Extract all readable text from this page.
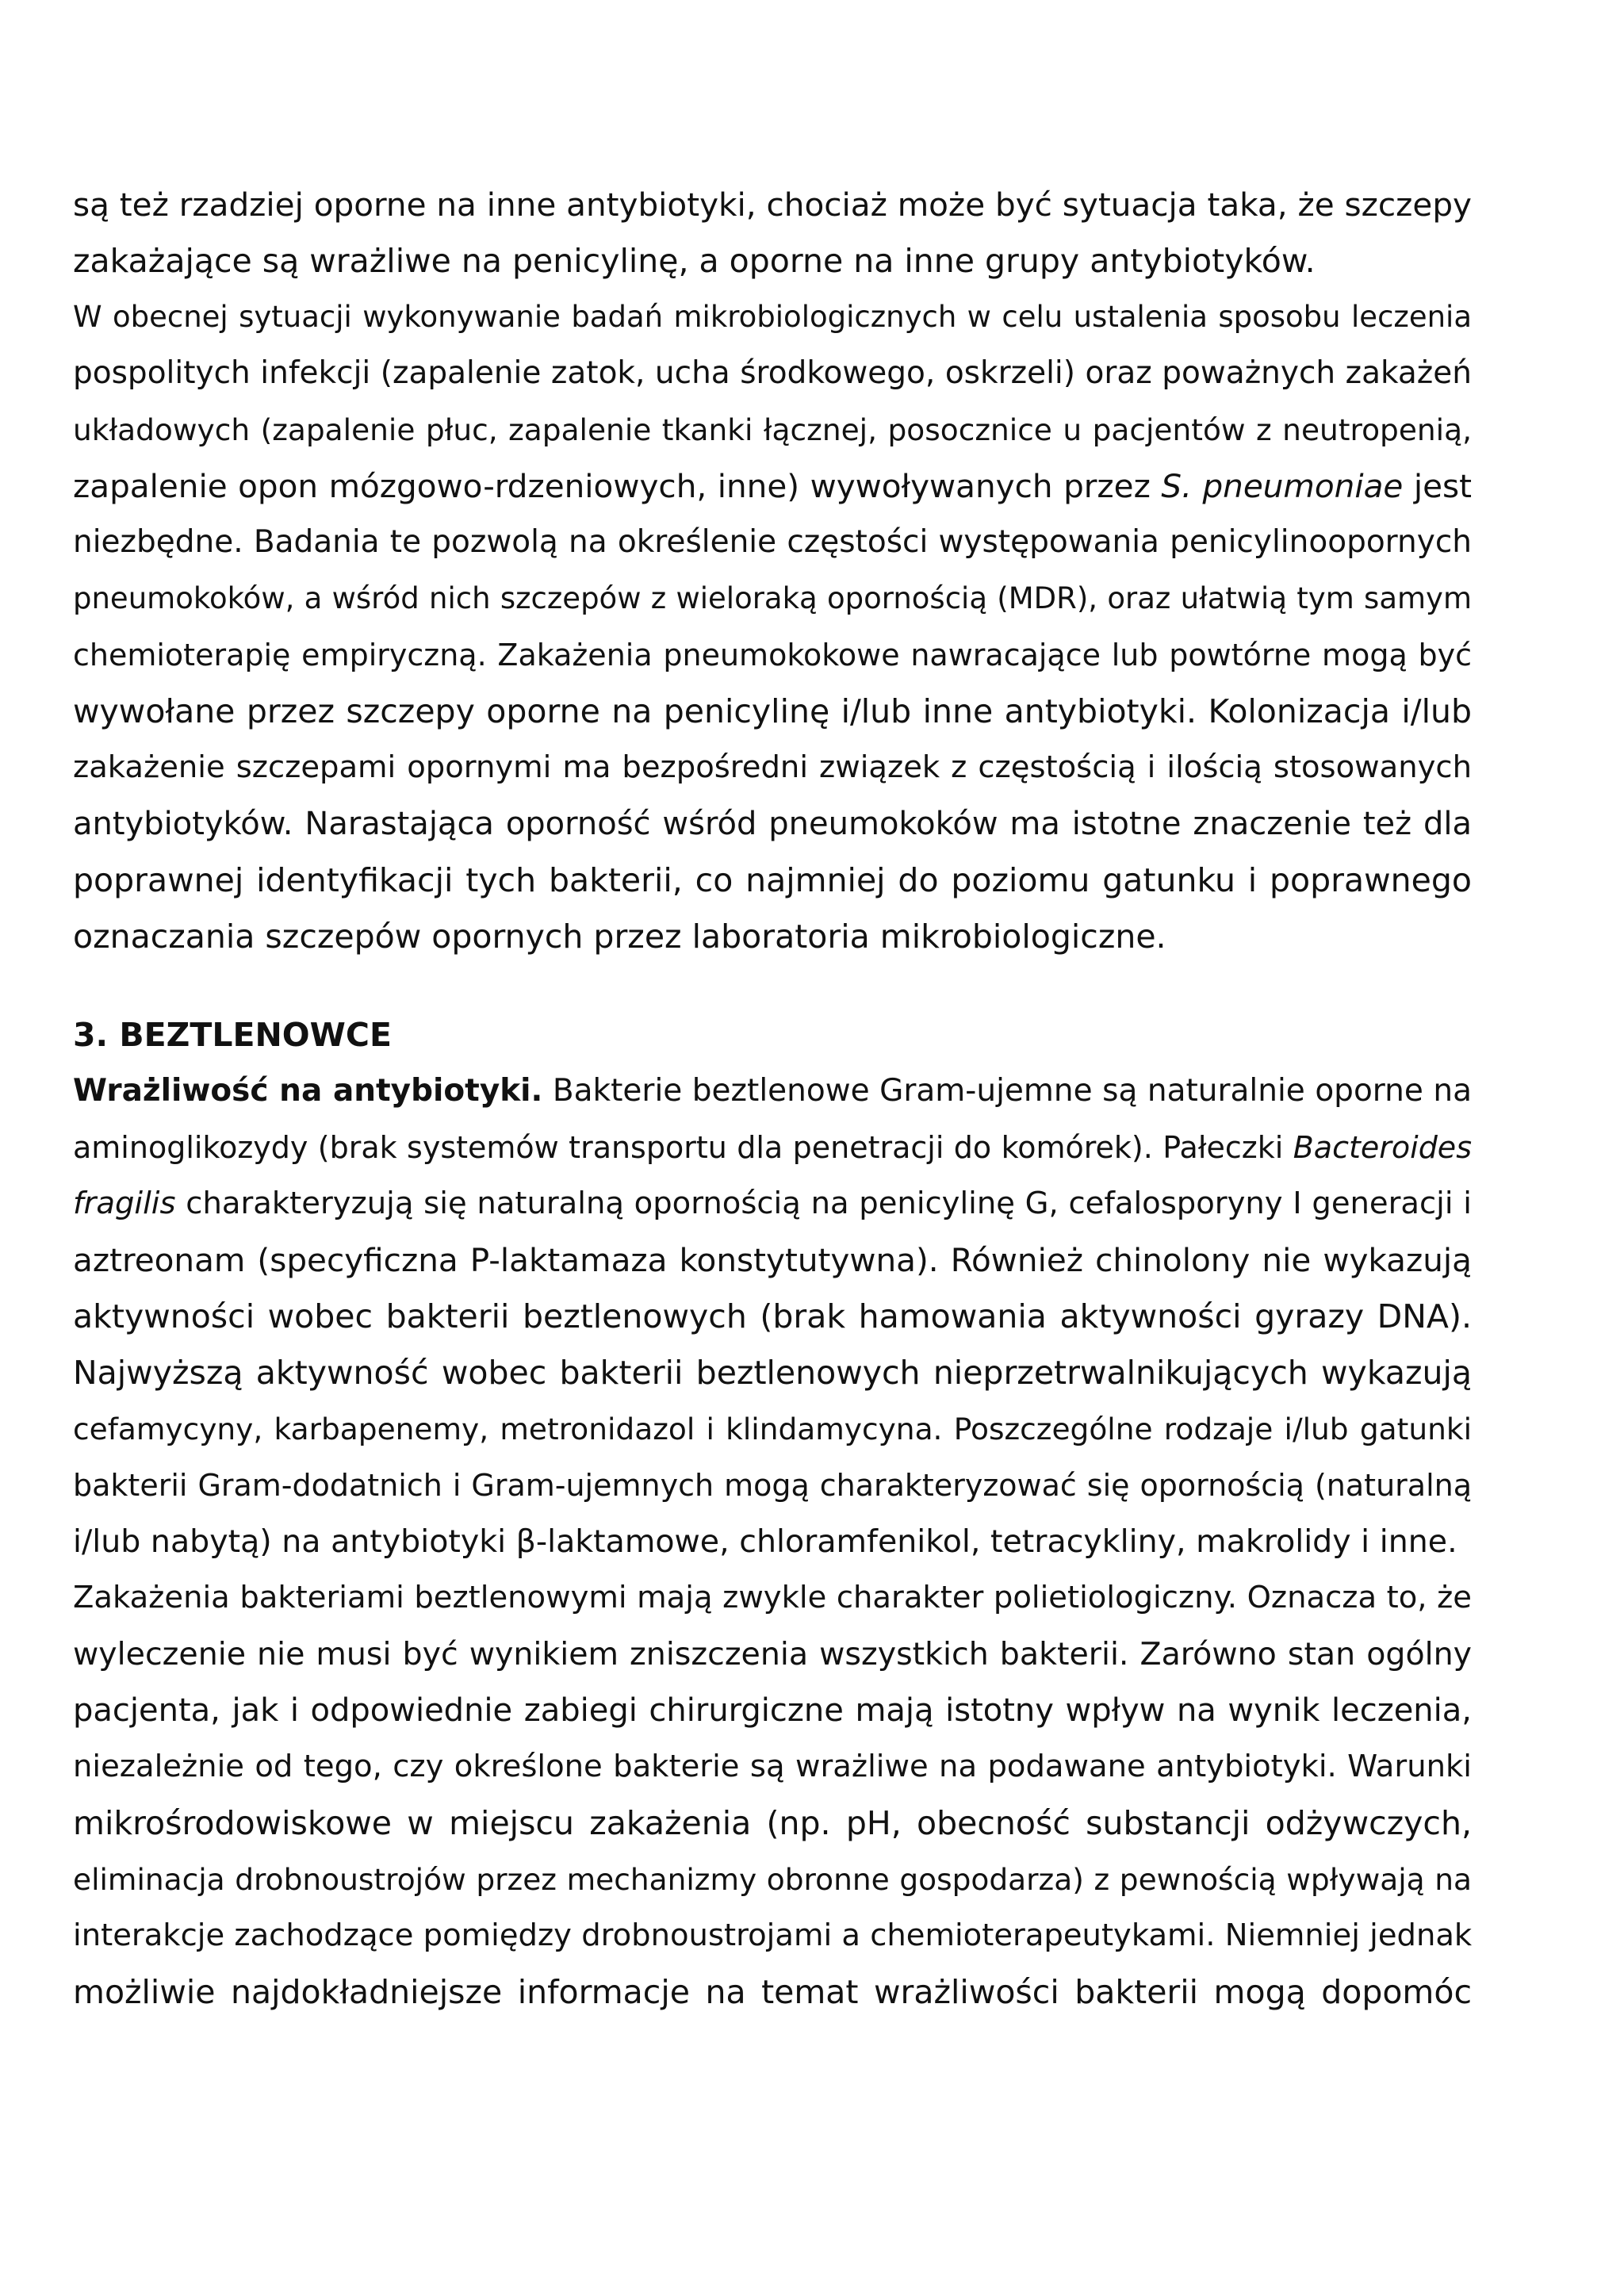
są też rzadziej oporne na inne antybiotyki, chociaż może być sytuacja taka, że szczepy
zakażające są wrażliwe na penicylinę, a oporne na inne grupy antybiotyków.
W obecnej sytuacji wykonywanie badań mikrobiologicznych w celu ustalenia sposobu leczenia
pospolitych infekcji (zapalenie zatok, ucha środkowego, oskrzeli) oraz poważnych zakażeń
układowych (zapalenie płuc, zapalenie tkanki łącznej, posocznice u pacjentów z neutropenią,
zapalenie opon mózgowo-rdzeniowych, inne) wywoływanych przez S. pneumoniae jest
niezbędne. Badania te pozwolą na określenie częstości występowania penicylinoopornych
pneumokoków, a wśród nich szczepów z wieloraką opornością (MDR), oraz ułatwią tym samym
chemioterapię empiryczną. Zakażenia pneumokokowe nawracające lub powtórne mogą być
wywołane przez szczepy oporne na penicylinę i/lub inne antybiotyki. Kolonizacja i/lub
zakażenie szczepami opornymi ma bezpośredni związek z częstością i ilością stosowanych
antybiotyków. Narastająca oporność wśród pneumokoków ma istotne znaczenie też dla
poprawnej identyfikacji tych bakterii, co najmniej do poziomu gatunku i poprawnego
oznaczania szczepów opornych przez laboratoria mikrobiologiczne.
3. BEZTLENOWCE
Wrażliwość na antybiotyki. Bakterie beztlenowe Gram-ujemne są naturalnie oporne na
aminoglikozydy (brak systemów transportu dla penetracji do komórek). Pałeczki Bacteroides
fragilis charakteryzują się naturalną opornością na penicylinę G, cefalosporyny I generacji i
aztreonam (specyficzna P-laktamaza konstytutywna). Również chinolony nie wykazują
aktywności wobec bakterii beztlenowych (brak hamowania aktywności gyrazy DNA).
Najwyższą aktywność wobec bakterii beztlenowych nieprzetrwalnikujących wykazują
cefamycyny, karbapenemy, metronidazol i klindamycyna. Poszczególne rodzaje i/lub gatunki
bakterii Gram-dodatnich i Gram-ujemnych mogą charakteryzować się opornością (naturalną
i/lub nabytą) na antybiotyki β-laktamowe, chloramfenikol, tetracykliny, makrolidy i inne.
Zakażenia bakteriami beztlenowymi mają zwykle charakter polietiologiczny. Oznacza to, że
wyleczenie nie musi być wynikiem zniszczenia wszystkich bakterii. Zarówno stan ogólny
pacjenta, jak i odpowiednie zabiegi chirurgiczne mają istotny wpływ na wynik leczenia,
niezależnie od tego, czy określone bakterie są wrażliwe na podawane antybiotyki. Warunki
mikrośrodowiskowe w miejscu zakażenia (np. pH, obecność substancji odżywczych,
eliminacja drobnoustrojów przez mechanizmy obronne gospodarza) z pewnością wpływają na
interakcje zachodzące pomiędzy drobnoustrojami a chemioterapeutykami. Niemniej jednak
możliwie najdokładniejsze informacje na temat wrażliwości bakterii mogą dopomóc
